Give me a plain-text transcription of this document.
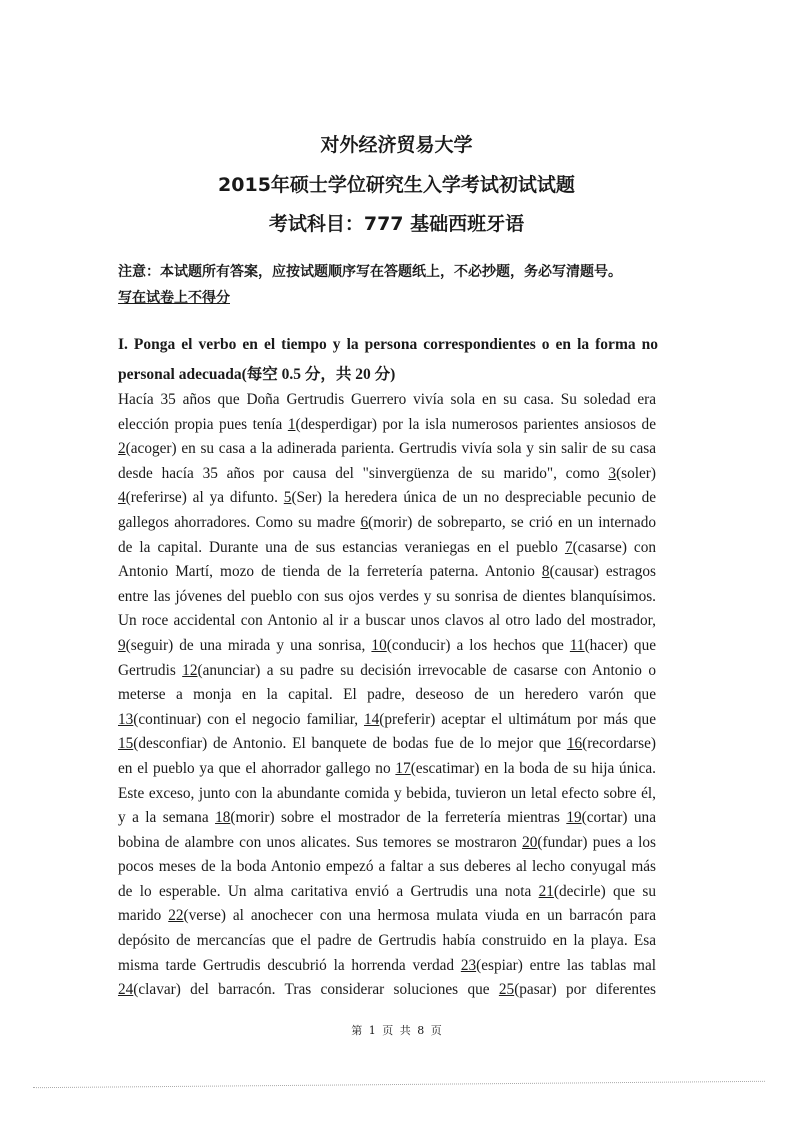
对外经济贸易大学
2015年硕士学位研究生入学考试初试试题
考试科目：777 基础西班牙语
注意：本试题所有答案，应按试题顺序写在答题纸上，不必抄题，务必写清题号。
写在试卷上不得分
I. Ponga el verbo en el tiempo y la persona correspondientes o en la forma no personal adecuada(每空 0.5 分，共 20 分)
Hacía 35 años que Doña Gertrudis Guerrero vivía sola en su casa. Su soledad era
elección propia pues tenía 1(desperdigar) por la isla numerosos parientes ansiosos de
2(acoger) en su casa a la adinerada parienta. Gertrudis vivía sola y sin salir de su casa
desde hacía 35 años por causa del "sinvergüenza de su marido", como 3(soler)
4(referirse) al ya difunto. 5(Ser) la heredera única de un no despreciable pecunio de
gallegos ahorradores. Como su madre 6(morir) de sobreparto, se crió en un internado
de la capital. Durante una de sus estancias veraniegas en el pueblo 7(casarse) con
Antonio Martí, mozo de tienda de la ferretería paterna. Antonio 8(causar) estragos
entre las jóvenes del pueblo con sus ojos verdes y su sonrisa de dientes blanquísimos.
Un roce accidental con Antonio al ir a buscar unos clavos al otro lado del mostrador,
9(seguir) de una mirada y una sonrisa, 10(conducir) a los hechos que 11(hacer) que
Gertrudis 12(anunciar) a su padre su decisión irrevocable de casarse con Antonio o
meterse a monja en la capital. El padre, deseoso de un heredero varón que
13(continuar) con el negocio familiar, 14(preferir) aceptar el ultimátum por más que
15(desconfiar) de Antonio. El banquete de bodas fue de lo mejor que 16(recordarse)
en el pueblo ya que el ahorrador gallego no 17(escatimar) en la boda de su hija única.
Este exceso, junto con la abundante comida y bebida, tuvieron un letal efecto sobre él,
y a la semana 18(morir) sobre el mostrador de la ferretería mientras 19(cortar) una
bobina de alambre con unos alicates. Sus temores se mostraron 20(fundar) pues a los
pocos meses de la boda Antonio empezó a faltar a sus deberes al lecho conyugal más
de lo esperable. Un alma caritativa envió a Gertrudis una nota 21(decirle) que su
marido 22(verse) al anochecer con una hermosa mulata viuda en un barracón para
depósito de mercancías que el padre de Gertrudis había construido en la playa. Esa
misma tarde Gertrudis descubrió la horrenda verdad 23(espiar) entre las tablas mal
24(clavar) del barracón. Tras considerar soluciones que 25(pasar) por diferentes
第 1 页 共 8 页
